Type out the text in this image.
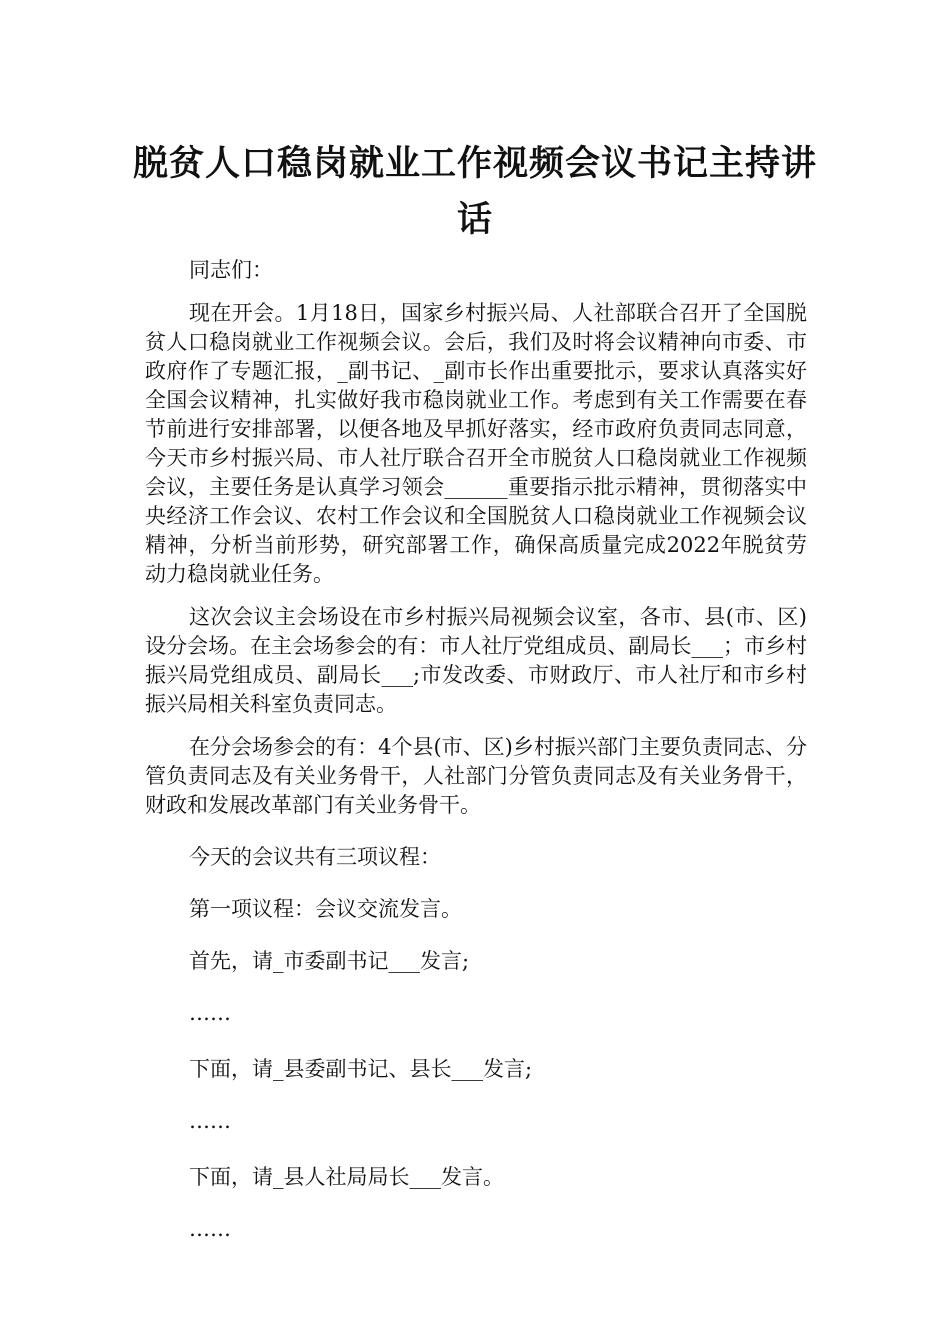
脱贫人口稳岗就业工作视频会议书记主持讲话

同志们：

现在开会。1月18日，国家乡村振兴局、人社部联合召开了全国脱贫人口稳岗就业工作视频会议。会后，我们及时将会议精神向市委、市政府作了专题汇报，_副书记、_副市长作出重要批示，要求认真落实好全国会议精神，扎实做好我市稳岗就业工作。考虑到有关工作需要在春节前进行安排部署，以便各地及早抓好落实，经市政府负责同志同意，今天市乡村振兴局、市人社厅联合召开全市脱贫人口稳岗就业工作视频会议，主要任务是认真学习领会______重要指示批示精神，贯彻落实中央经济工作会议、农村工作会议和全国脱贫人口稳岗就业工作视频会议精神，分析当前形势，研究部署工作，确保高质量完成2022年脱贫劳动力稳岗就业任务。

这次会议主会场设在市乡村振兴局视频会议室，各市、县(市、区)设分会场。在主会场参会的有：市人社厅党组成员、副局长___；市乡村振兴局党组成员、副局长___;市发改委、市财政厅、市人社厅和市乡村振兴局相关科室负责同志。

在分会场参会的有：4个县(市、区)乡村振兴部门主要负责同志、分管负责同志及有关业务骨干，人社部门分管负责同志及有关业务骨干，财政和发展改革部门有关业务骨干。

今天的会议共有三项议程：

第一项议程：会议交流发言。

首先，请_市委副书记___发言;

……

下面，请_县委副书记、县长___发言;

……

下面，请_县人社局局长___发言。

……
